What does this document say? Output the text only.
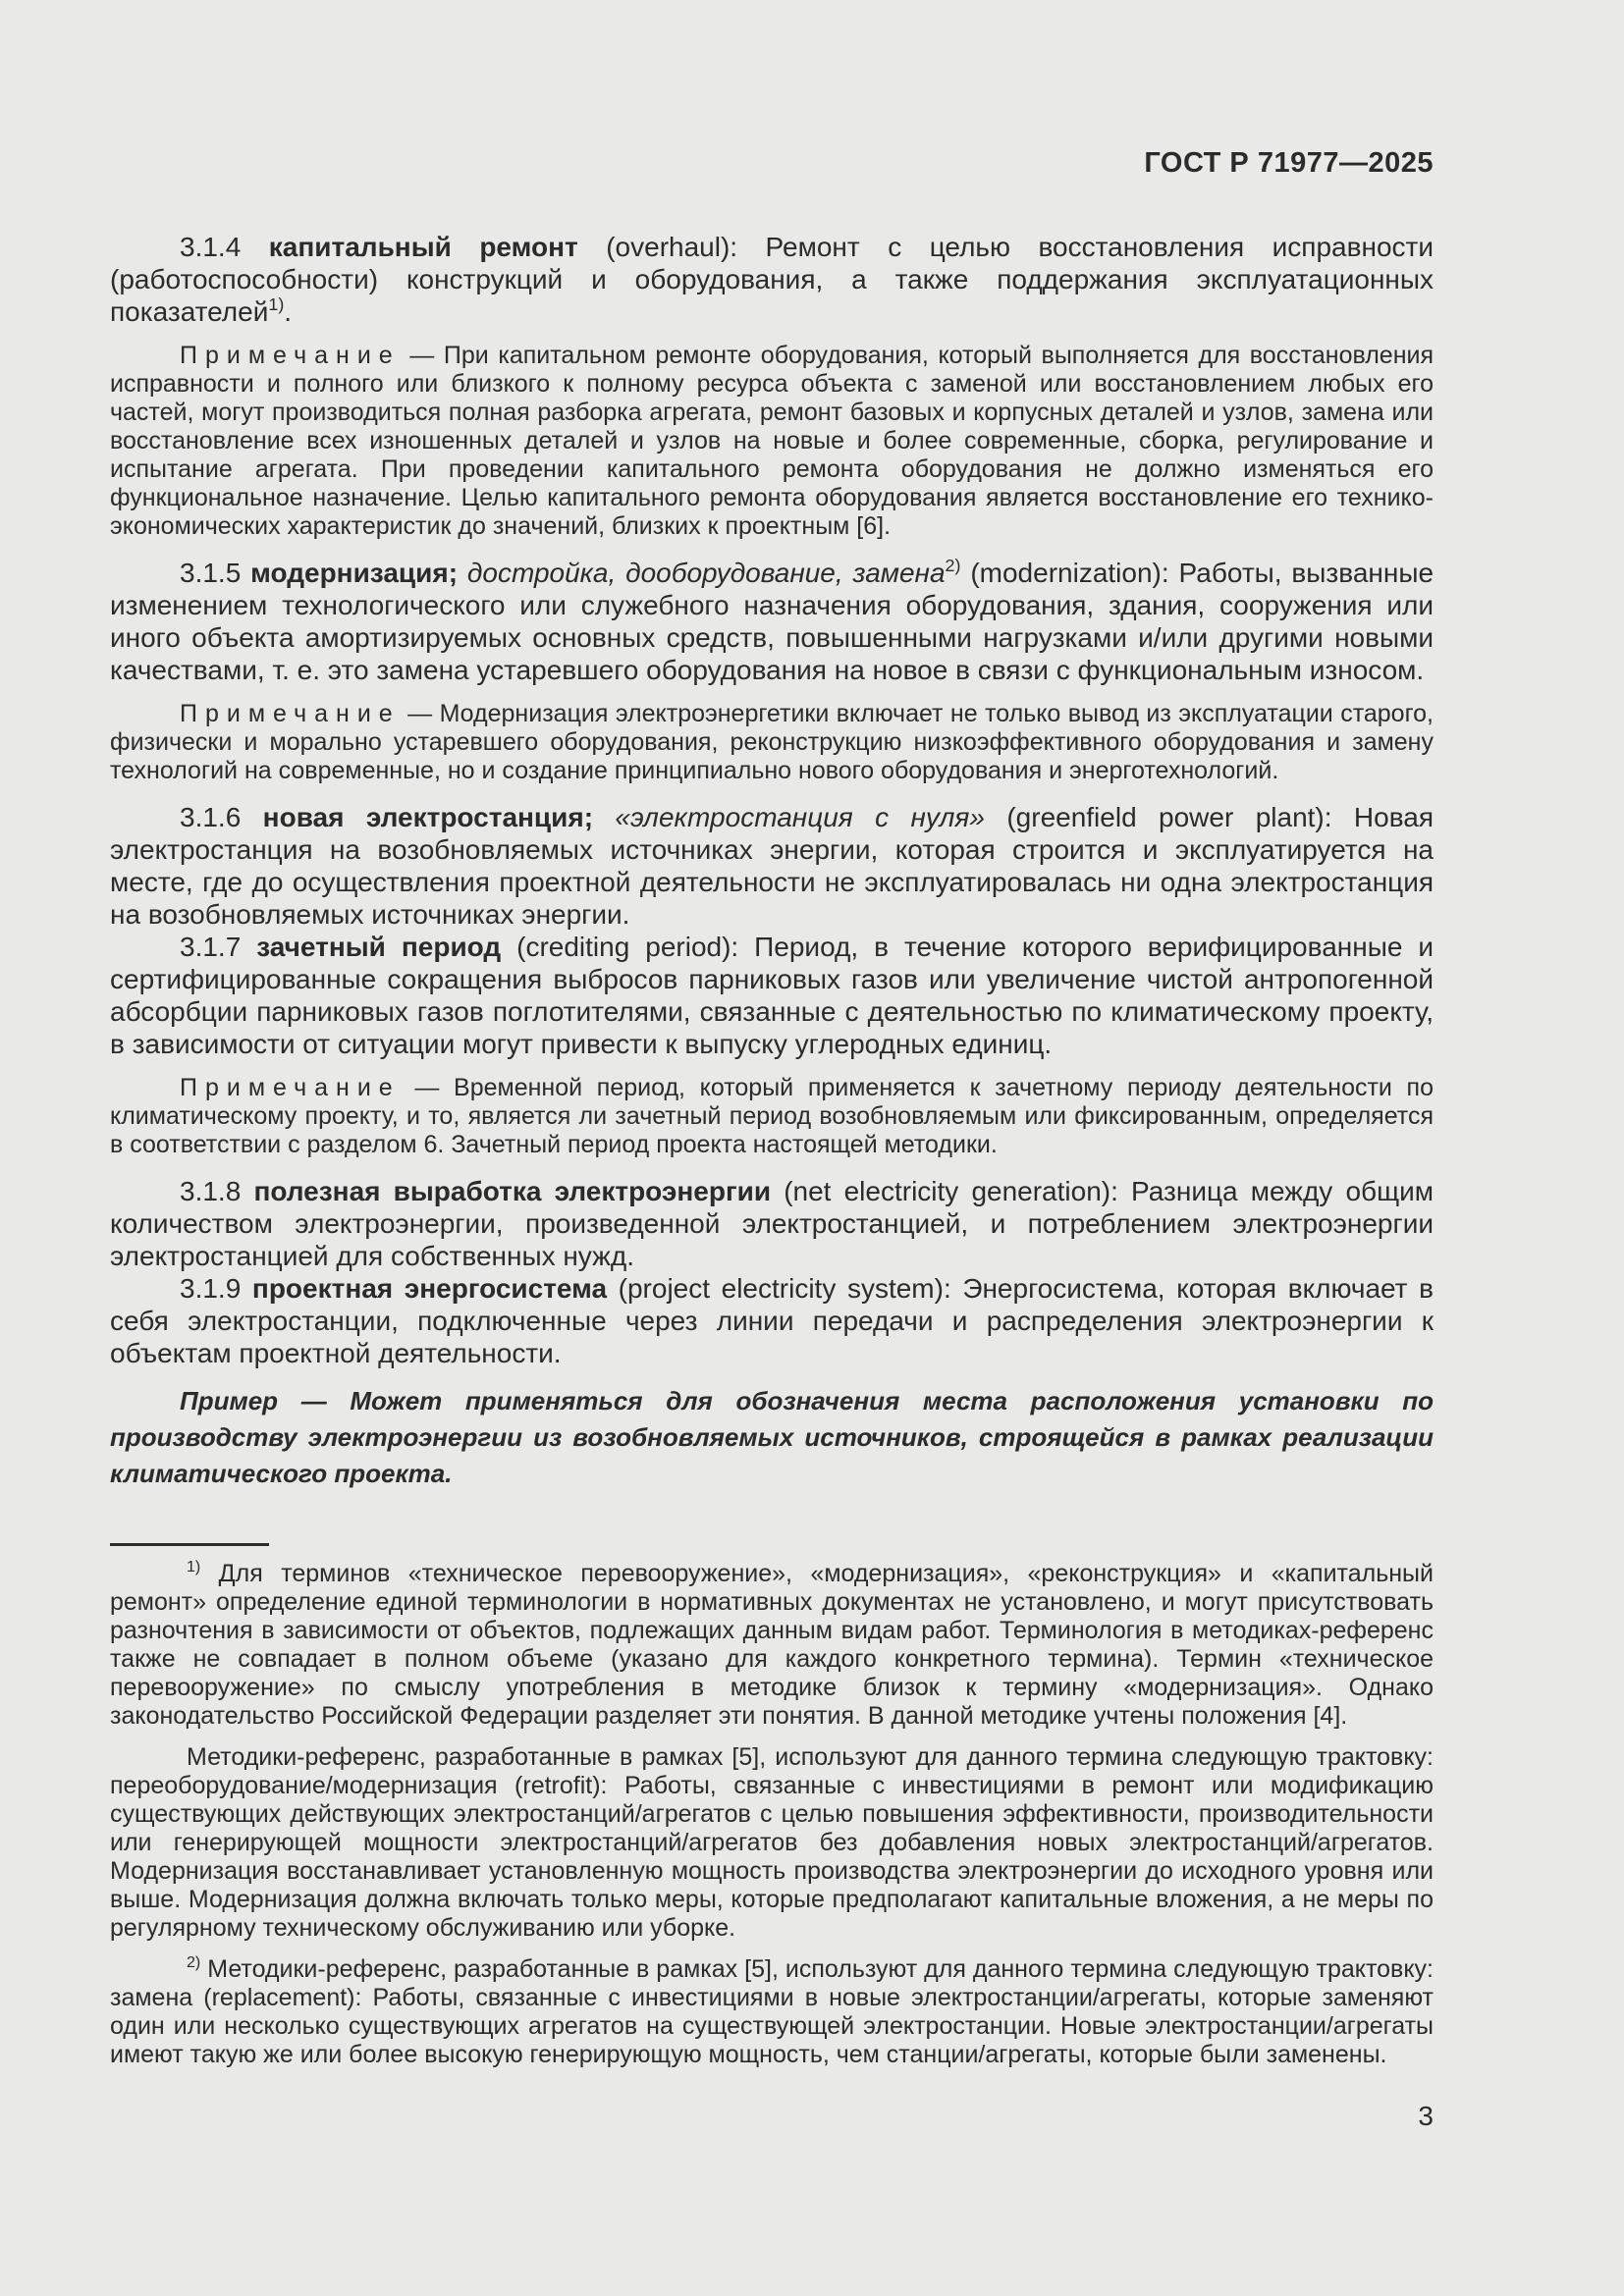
ГОСТ Р 71977—2025

3.1.4 капитальный ремонт (overhaul): Ремонт с целью восстановления исправности (работоспособности) конструкций и оборудования, а также поддержания эксплуатационных показателей$^{1)}$.

Примечание — При капитальном ремонте оборудования, который выполняется для восстановления исправности и полного или близкого к полному ресурса объекта с заменой или восстановлением любых его частей, могут производиться полная разборка агрегата, ремонт базовых и корпусных деталей и узлов, замена или восстановление всех изношенных деталей и узлов на новые и более современные, сборка, регулирование и испытание агрегата. При проведении капитального ремонта оборудования не должно изменяться его функциональное назначение. Целью капитального ремонта оборудования является восстановление его технико-экономических характеристик до значений, близких к проектным [6].

3.1.5 модернизация; достройка, дооборудование, замена$^{2)}$ (modernization): Работы, вызванные изменением технологического или служебного назначения оборудования, здания, сооружения или иного объекта амортизируемых основных средств, повышенными нагрузками и/или другими новыми качествами, т. е. это замена устаревшего оборудования на новое в связи с функциональным износом.

Примечание — Модернизация электроэнергетики включает не только вывод из эксплуатации старого, физически и морально устаревшего оборудования, реконструкцию низкоэффективного оборудования и замену технологий на современные, но и создание принципиально нового оборудования и энерготехнологий.

3.1.6 новая электростанция; «электростанция с нуля» (greenfield power plant): Новая электростанция на возобновляемых источниках энергии, которая строится и эксплуатируется на месте, где до осуществления проектной деятельности не эксплуатировалась ни одна электростанция на возобновляемых источниках энергии.

3.1.7 зачетный период (crediting period): Период, в течение которого верифицированные и сертифицированные сокращения выбросов парниковых газов или увеличение чистой антропогенной абсорбции парниковых газов поглотителями, связанные с деятельностью по климатическому проекту, в зависимости от ситуации могут привести к выпуску углеродных единиц.

Примечание — Временной период, который применяется к зачетному периоду деятельности по климатическому проекту, и то, является ли зачетный период возобновляемым или фиксированным, определяется в соответствии с разделом 6. Зачетный период проекта настоящей методики.

3.1.8 полезная выработка электроэнергии (net electricity generation): Разница между общим количеством электроэнергии, произведенной электростанцией, и потреблением электроэнергии электростанцией для собственных нужд.

3.1.9 проектная энергосистема (project electricity system): Энергосистема, которая включает в себя электростанции, подключенные через линии передачи и распределения электроэнергии к объектам проектной деятельности.

Пример — Может применяться для обозначения места расположения установки по производству электроэнергии из возобновляемых источников, строящейся в рамках реализации климатического проекта.

$^{1)}$ Для терминов «техническое перевооружение», «модернизация», «реконструкция» и «капитальный ремонт» определение единой терминологии в нормативных документах не установлено, и могут присутствовать разночтения в зависимости от объектов, подлежащих данным видам работ. Терминология в методиках-референс также не совпадает в полном объеме (указано для каждого конкретного термина). Термин «техническое перевооружение» по смыслу употребления в методике близок к термину «модернизация». Однако законодательство Российской Федерации разделяет эти понятия. В данной методике учтены положения [4].

Методики-референс, разработанные в рамках [5], используют для данного термина следующую трактовку: переоборудование/модернизация (retrofit): Работы, связанные с инвестициями в ремонт или модификацию существующих действующих электростанций/агрегатов с целью повышения эффективности, производительности или генерирующей мощности электростанций/агрегатов без добавления новых электростанций/агрегатов. Модернизация восстанавливает установленную мощность производства электроэнергии до исходного уровня или выше. Модернизация должна включать только меры, которые предполагают капитальные вложения, а не меры по регулярному техническому обслуживанию или уборке.

$^{2)}$ Методики-референс, разработанные в рамках [5], используют для данного термина следующую трактовку: замена (replacement): Работы, связанные с инвестициями в новые электростанции/агрегаты, которые заменяют один или несколько существующих агрегатов на существующей электростанции. Новые электростанции/агрегаты имеют такую же или более высокую генерирующую мощность, чем станции/агрегаты, которые были заменены.

3
